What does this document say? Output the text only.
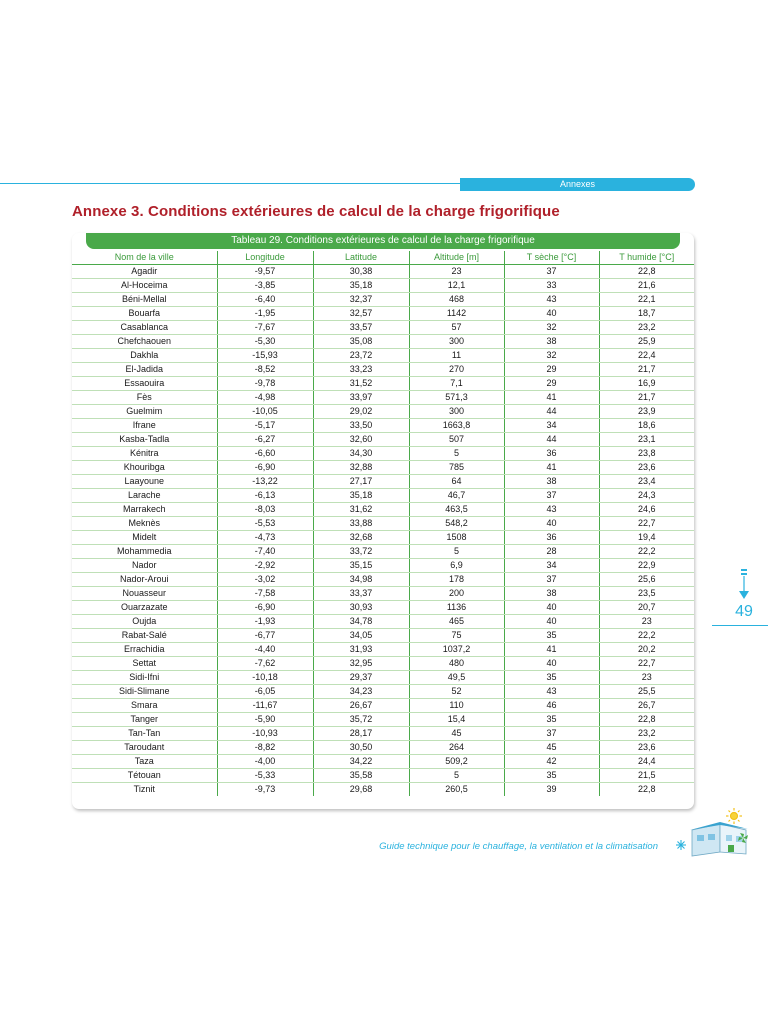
Annexes
Annexe 3. Conditions extérieures de calcul de la charge frigorifique
Tableau 29. Conditions extérieures de calcul de la charge frigorifique
Nom de la ville	Longitude	Latitude	Altitude [m]	T sèche [°C]	T humide [°C]
Agadir	-9,57	30,38	23	37	22,8
Al-Hoceima	-3,85	35,18	12,1	33	21,6
Béni-Mellal	-6,40	32,37	468	43	22,1
Bouarfa	-1,95	32,57	1142	40	18,7
Casablanca	-7,67	33,57	57	32	23,2
Chefchaouen	-5,30	35,08	300	38	25,9
Dakhla	-15,93	23,72	11	32	22,4
El-Jadida	-8,52	33,23	270	29	21,7
Essaouira	-9,78	31,52	7,1	29	16,9
Fès	-4,98	33,97	571,3	41	21,7
Guelmim	-10,05	29,02	300	44	23,9
Ifrane	-5,17	33,50	1663,8	34	18,6
Kasba-Tadla	-6,27	32,60	507	44	23,1
Kénitra	-6,60	34,30	5	36	23,8
Khouribga	-6,90	32,88	785	41	23,6
Laayoune	-13,22	27,17	64	38	23,4
Larache	-6,13	35,18	46,7	37	24,3
Marrakech	-8,03	31,62	463,5	43	24,6
Meknès	-5,53	33,88	548,2	40	22,7
Midelt	-4,73	32,68	1508	36	19,4
Mohammedia	-7,40	33,72	5	28	22,2
Nador	-2,92	35,15	6,9	34	22,9
Nador-Aroui	-3,02	34,98	178	37	25,6
Nouasseur	-7,58	33,37	200	38	23,5
Ouarzazate	-6,90	30,93	1136	40	20,7
Oujda	-1,93	34,78	465	40	23
Rabat-Salé	-6,77	34,05	75	35	22,2
Errachidia	-4,40	31,93	1037,2	41	20,2
Settat	-7,62	32,95	480	40	22,7
Sidi-Ifni	-10,18	29,37	49,5	35	23
Sidi-Slimane	-6,05	34,23	52	43	25,5
Smara	-11,67	26,67	110	46	26,7
Tanger	-5,90	35,72	15,4	35	22,8
Tan-Tan	-10,93	28,17	45	37	23,2
Taroudant	-8,82	30,50	264	45	23,6
Taza	-4,00	34,22	509,2	42	24,4
Tétouan	-5,33	35,58	5	35	21,5
Tiznit	-9,73	29,68	260,5	39	22,8
49
Guide technique pour le chauffage, la ventilation et la climatisation
